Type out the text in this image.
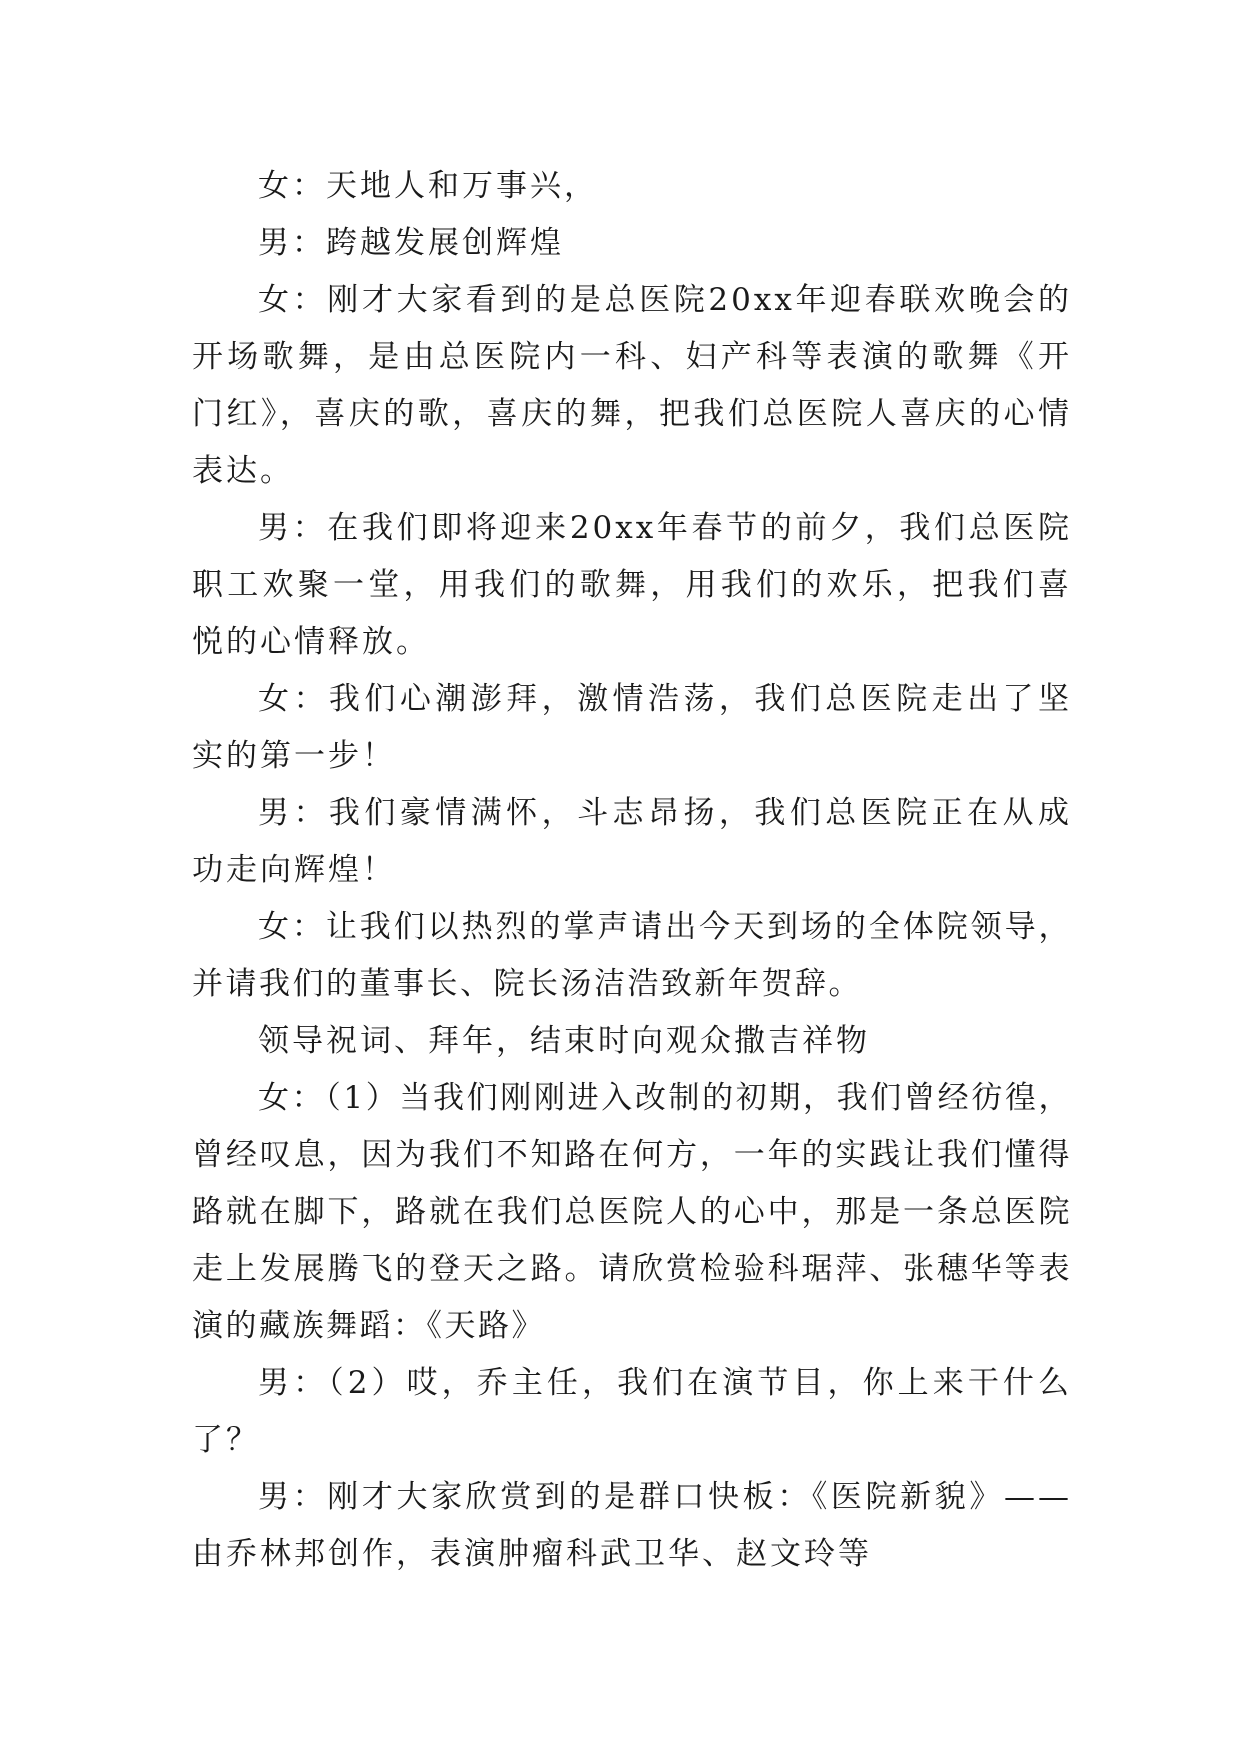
女：天地人和万事兴，

男：跨越发展创辉煌

女：刚才大家看到的是总医院20xx年迎春联欢晚会的开场歌舞，是由总医院内一科、妇产科等表演的歌舞《开门红》，喜庆的歌，喜庆的舞，把我们总医院人喜庆的心情表达。

男：在我们即将迎来20xx年春节的前夕，我们总医院职工欢聚一堂，用我们的歌舞，用我们的欢乐，把我们喜悦的心情释放。

女：我们心潮澎拜，激情浩荡，我们总医院走出了坚实的第一步！

男：我们豪情满怀，斗志昂扬，我们总医院正在从成功走向辉煌！

女：让我们以热烈的掌声请出今天到场的全体院领导，并请我们的董事长、院长汤洁浩致新年贺辞。

领导祝词、拜年，结束时向观众撒吉祥物

女：（1）当我们刚刚进入改制的初期，我们曾经彷徨，曾经叹息，因为我们不知路在何方，一年的实践让我们懂得路就在脚下，路就在我们总医院人的心中，那是一条总医院走上发展腾飞的登天之路。请欣赏检验科琚萍、张穗华等表演的藏族舞蹈：《天路》

男：（2）哎，乔主任，我们在演节目，你上来干什么了？

男：刚才大家欣赏到的是群口快板：《医院新貌》——由乔林邦创作，表演肿瘤科武卫华、赵文玲等
